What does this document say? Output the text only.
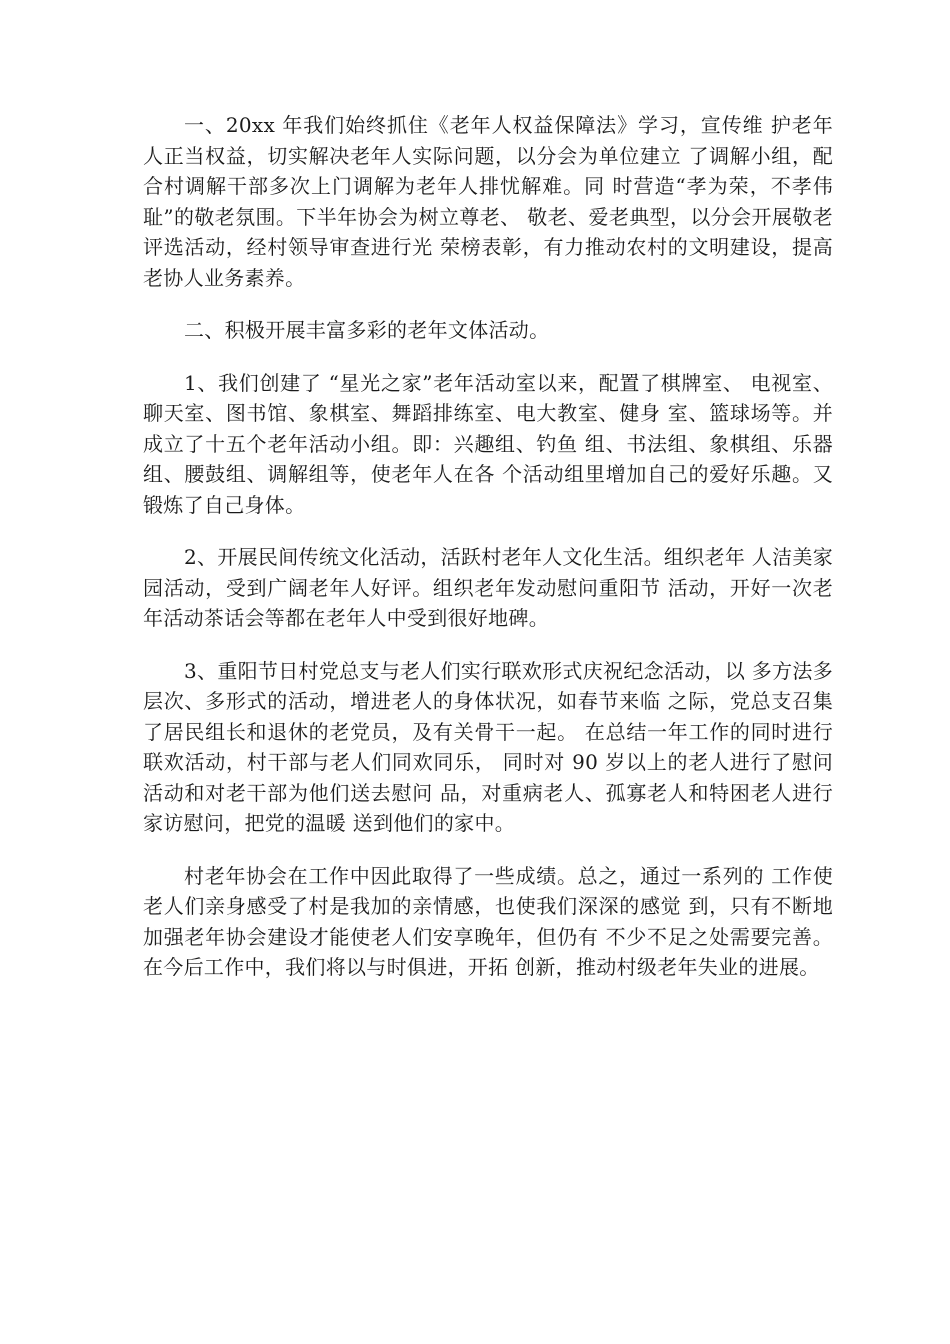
一、20xx 年我们始终抓住《老年人权益保障法》学习，宣传维 护老年人正当权益，切实解决老年人实际问题，以分会为单位建立 了调解小组，配合村调解干部多次上门调解为老年人排忧解难。同 时营造“孝为荣，不孝伟耻”的敬老氛围。下半年协会为树立尊老、 敬老、爱老典型，以分会开展敬老评选活动，经村领导审查进行光 荣榜表彰，有力推动农村的文明建设，提高老协人业务素养。

二、积极开展丰富多彩的老年文体活动。

1、我们创建了 “星光之家”老年活动室以来，配置了棋牌室、 电视室、聊天室、图书馆、象棋室、舞蹈排练室、电大教室、健身 室、篮球场等。并成立了十五个老年活动小组。即：兴趣组、钓鱼 组、书法组、象棋组、乐器组、腰鼓组、调解组等，使老年人在各 个活动组里增加自己的爱好乐趣。又锻炼了自己身体。

2、开展民间传统文化活动，活跃村老年人文化生活。组织老年 人洁美家园活动，受到广阔老年人好评。组织老年发动慰问重阳节 活动，开好一次老年活动茶话会等都在老年人中受到很好地碑。

3、重阳节日村党总支与老人们实行联欢形式庆祝纪念活动，以 多方法多层次、多形式的活动，增进老人的身体状况，如春节来临 之际，党总支召集了居民组长和退休的老党员，及有关骨干一起。 在总结一年工作的同时进行联欢活动，村干部与老人们同欢同乐， 同时对 90 岁以上的老人进行了慰问活动和对老干部为他们送去慰问 品，对重病老人、孤寡老人和特困老人进行家访慰问，把党的温暖 送到他们的家中。

村老年协会在工作中因此取得了一些成绩。总之，通过一系列的 工作使老人们亲身感受了村是我加的亲情感，也使我们深深的感觉 到，只有不断地加强老年协会建设才能使老人们安享晚年，但仍有 不少不足之处需要完善。在今后工作中，我们将以与时俱进，开拓 创新，推动村级老年失业的进展。
